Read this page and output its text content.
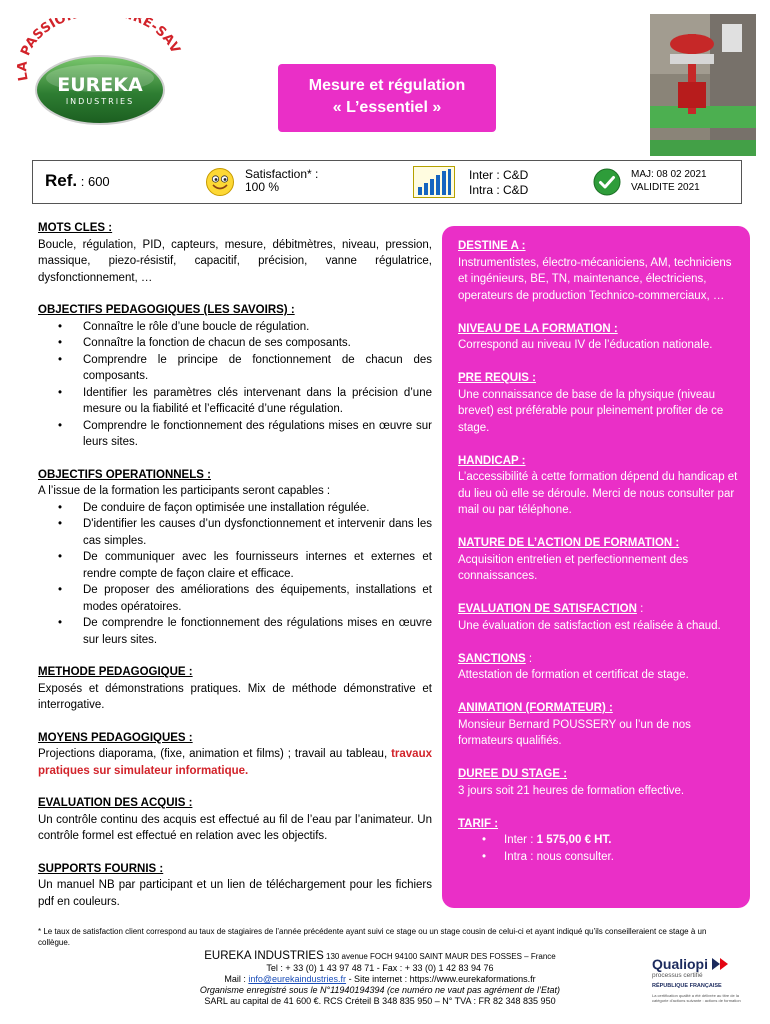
LA PASSIO RE-SAV
EUREKA
INDUSTRIES
Mesure et régulation
« L’essentiel »
Ref. : 600	Satisfaction* :
100 %
Inter : C&D
Intra : C&D
MAJ: 08 02 2021
VALIDITE 2021
MOTS CLES :

Boucle, régulation, PID, capteurs, mesure, débitmètres, niveau, pression, massique, piezo-résistif, capacitif, précision, vanne régulatrice, dysfonctionnement, …

OBJECTIFS PEDAGOGIQUES (LES SAVOIRS) :
• Connaître le rôle d’une boucle de régulation.
• Connaître la fonction de chacun de ses composants.
• Comprendre le principe de fonctionnement de chacun des composants.
• Identifier les paramètres clés intervenant dans la précision d’une mesure ou la fiabilité et l’efficacité d’une régulation.
• Comprendre le fonctionnement des régulations mises en œuvre sur leurs sites.
OBJECTIFS OPERATIONNELS :

A l’issue de la formation les participants seront capables :

• De conduire de façon optimisée une installation régulée.
• D'identifier les causes d’un dysfonctionnement et intervenir dans les cas simples.
• De communiquer avec les fournisseurs internes et externes et rendre compte de façon claire et efficace.
• De proposer des améliorations des équipements, installations et modes opératoires.
• De comprendre le fonctionnement des régulations mises en œuvre sur leurs sites.
METHODE PEDAGOGIQUE :

Exposés et démonstrations pratiques. Mix de méthode démonstrative et interrogative.

MOYENS PEDAGOGIQUES :

Projections diaporama, (fixe, animation et films) ; travail au tableau, travaux pratiques sur simulateur informatique.

EVALUATION DES ACQUIS :

Un contrôle continu des acquis est effectué au fil de l’eau par l’animateur. Un contrôle formel est effectué en relation avec les objectifs.

SUPPORTS FOURNIS :

Un manuel NB par participant et un lien de téléchargement pour les fichiers pdf en couleurs.

DESTINE A :
Instrumentistes, électro-mécaniciens, AM, techniciens et ingénieurs, BE, TN, maintenance, électriciens, operateurs de production Technico-commerciaux, …
NIVEAU DE LA FORMATION :
Correspond au niveau IV de l’éducation nationale.
PRE REQUIS :
Une connaissance de base de la physique (niveau brevet) est préférable pour pleinement profiter de ce stage.
HANDICAP :
L’accessibilité à cette formation dépend du handicap et du lieu où elle se déroule. Merci de nous consulter par mail ou par téléphone.
NATURE DE L’ACTION DE FORMATION :
Acquisition entretien et perfectionnement des connaissances.
EVALUATION DE SATISFACTION :
Une évaluation de satisfaction est réalisée à chaud.
SANCTIONS :
Attestation de formation et certificat de stage.
ANIMATION (FORMATEUR) :
Monsieur Bernard POUSSERY ou l’un de nos formateurs qualifiés.
DUREE DU STAGE :
3 jours soit 21 heures de formation effective.
TARIF :
• Inter : 1 575,00 € HT.
• Intra : nous consulter.
* Le taux de satisfaction client correspond au taux de stagiaires de l’année précédente ayant suivi ce stage ou un stage cousin de celui-ci et ayant indiqué qu’ils conseilleraient ce stage à un collègue.
EUREKA INDUSTRIES 130 avenue FOCH 94100 SAINT MAUR DES FOSSES – France
Tel : + 33 (0) 1 43 97 48 71 - Fax : + 33 (0) 1 42 83 94 76
Mail : info@eurekaindustries.fr - Site internet : https://www.eurekaformations.fr
Organisme enregistré sous le N°11940194394 (ce numéro ne vaut pas agrément de l’Etat)
SARL au capital de 41 600 €. RCS Créteil B 348 835 950 – N° TVA : FR 82 348 835 950
Qualiopi
processus certifié
RÉPUBLIQUE FRANÇAISE
La certification qualité a été délivrée au titre de la catégorie d’actions suivante : actions de formation
